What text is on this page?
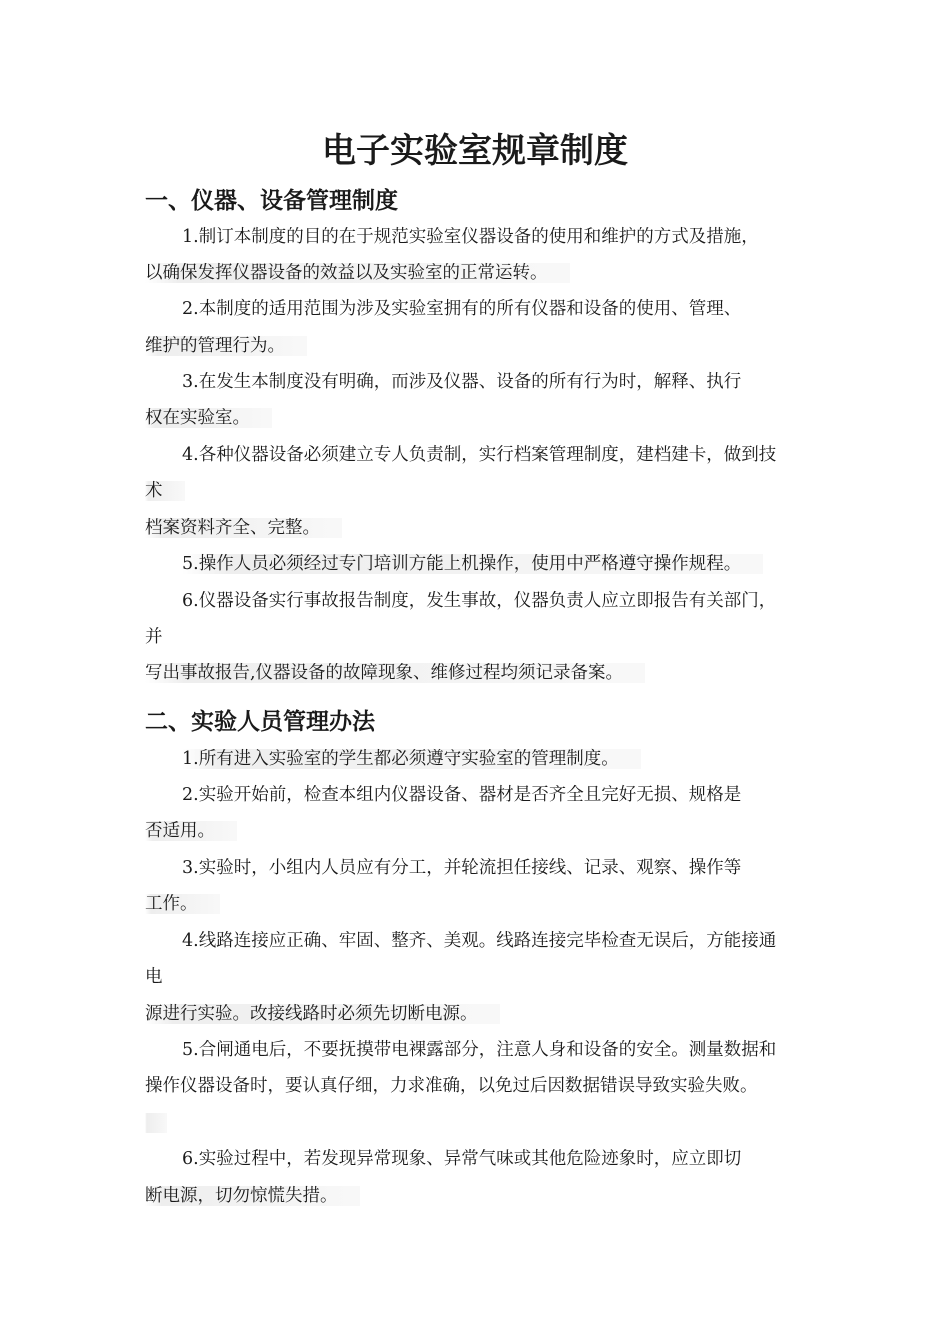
电子实验室规章制度
一、仪器、设备管理制度

1.制订本制度的目的在于规范实验室仪器设备的使用和维护的方式及措施，

以确保发挥仪器设备的效益以及实验室的正常运转。

2.本制度的适用范围为涉及实验室拥有的所有仪器和设备的使用、管理、

维护的管理行为。

3.在发生本制度没有明确，而涉及仪器、设备的所有行为时，解释、执行

权在实验室。

4.各种仪器设备必须建立专人负责制，实行档案管理制度，建档建卡，做到技

术

档案资料齐全、完整。

5.操作人员必须经过专门培训方能上机操作，使用中严格遵守操作规程。

6.仪器设备实行事故报告制度，发生事故，仪器负责人应立即报告有关部门，

并

写出事故报告,仪器设备的故障现象、维修过程均须记录备案。

二、实验人员管理办法

1.所有进入实验室的学生都必须遵守实验室的管理制度。

2.实验开始前，检查本组内仪器设备、器材是否齐全且完好无损、规格是

否适用。

3.实验时，小组内人员应有分工，并轮流担任接线、记录、观察、操作等

工作。

4.线路连接应正确、牢固、整齐、美观。线路连接完毕检查无误后，方能接通

电

源进行实验。改接线路时必须先切断电源。

5.合闸通电后，不要抚摸带电裸露部分，注意人身和设备的安全。测量数据和

操作仪器设备时，要认真仔细，力求准确，以免过后因数据错误导致实验失败。

6.实验过程中，若发现异常现象、异常气味或其他危险迹象时，应立即切

断电源，切勿惊慌失措。
